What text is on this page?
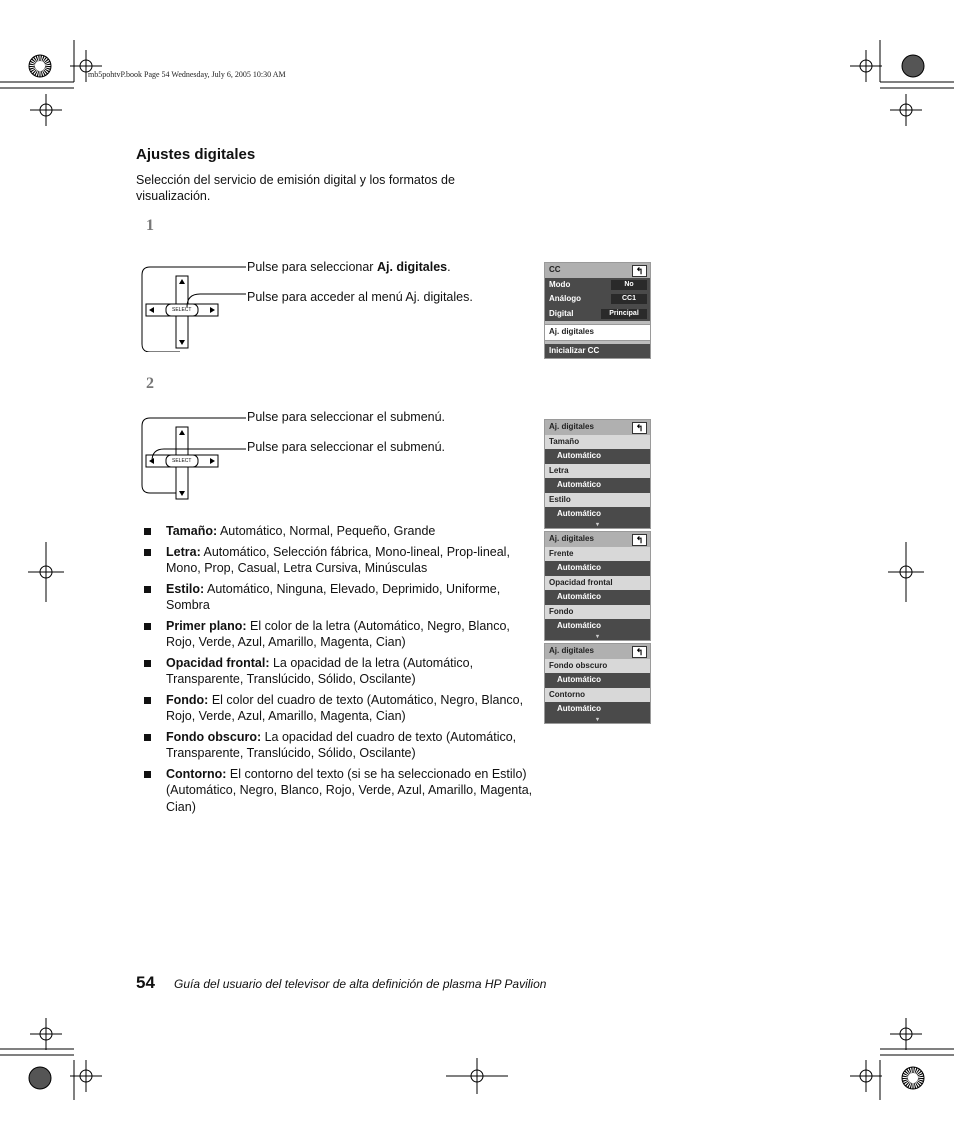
mb5pohtvP.book Page 54 Wednesday, July 6, 2005 10:30 AM
Ajustes digitales
Selección del servicio de emisión digital y los formatos de visualización.
1
SELECT
Pulse para seleccionar Aj. digitales.
Pulse para acceder al menú Aj. digitales.
CC	↰
Modo	No
Análogo	CC1
Digital	Principal
Aj. digitales
Inicializar CC
2
SELECT
Pulse para seleccionar el submenú.
Pulse para seleccionar el submenú.
Aj. digitales	↰
Tamaño
Automático
Letra
Automático
Estilo
Automático
▾
Aj. digitales	↰
Frente
Automático
Opacidad frontal
Automático
Fondo
Automático
▾
Aj. digitales	↰
Fondo obscuro
Automático
Contorno
Automático
▾
Tamaño: Automático, Normal, Pequeño, Grande
Letra: Automático, Selección fábrica, Mono-lineal, Prop-lineal, Mono, Prop, Casual, Letra Cursiva, Minúsculas
Estilo: Automático, Ninguna, Elevado, Deprimido, Uniforme, Sombra
Primer plano: El color de la letra (Automático, Negro, Blanco, Rojo, Verde, Azul, Amarillo, Magenta, Cian)
Opacidad frontal: La opacidad de la letra (Automático, Transparente, Translúcido, Sólido, Oscilante)
Fondo: El color del cuadro de texto (Automático, Negro, Blanco, Rojo, Verde, Azul, Amarillo, Magenta, Cian)
Fondo obscuro: La opacidad del cuadro de texto (Automático, Transparente, Translúcido, Sólido, Oscilante)
Contorno: El contorno del texto (si se ha seleccionado en Estilo) (Automático, Negro, Blanco, Rojo, Verde, Azul, Amarillo, Magenta, Cian)
54 Guía del usuario del televisor de alta definición de plasma HP Pavilion
